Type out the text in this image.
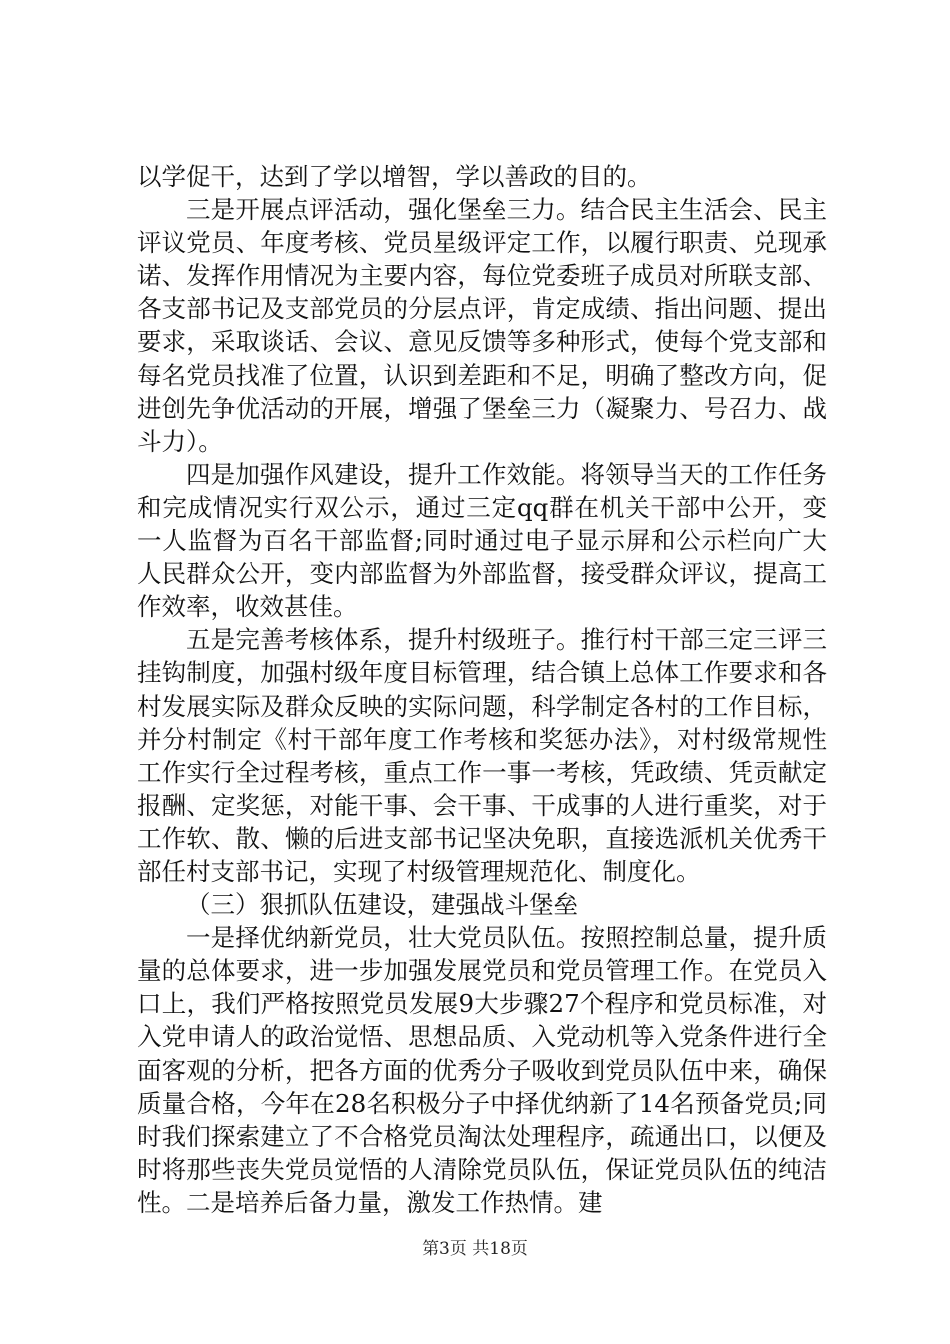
以学促干，达到了学以增智，学以善政的目的。

三是开展点评活动，强化堡垒三力。结合民主生活会、民主评议党员、年度考核、党员星级评定工作，以履行职责、兑现承诺、发挥作用情况为主要内容，每位党委班子成员对所联支部、各支部书记及支部党员的分层点评，肯定成绩、指出问题、提出要求，采取谈话、会议、意见反馈等多种形式，使每个党支部和每名党员找准了位置，认识到差距和不足，明确了整改方向，促进创先争优活动的开展，增强了堡垒三力（凝聚力、号召力、战斗力）。

四是加强作风建设，提升工作效能。将领导当天的工作任务和完成情况实行双公示，通过三定qq群在机关干部中公开，变一人监督为百名干部监督;同时通过电子显示屏和公示栏向广大人民群众公开，变内部监督为外部监督，接受群众评议，提高工作效率，收效甚佳。

五是完善考核体系，提升村级班子。推行村干部三定三评三挂钩制度，加强村级年度目标管理，结合镇上总体工作要求和各村发展实际及群众反映的实际问题，科学制定各村的工作目标，并分村制定《村干部年度工作考核和奖惩办法》，对村级常规性工作实行全过程考核，重点工作一事一考核，凭政绩、凭贡献定报酬、定奖惩，对能干事、会干事、干成事的人进行重奖，对于工作软、散、懒的后进支部书记坚决免职，直接选派机关优秀干部任村支部书记，实现了村级管理规范化、制度化。

（三）狠抓队伍建设，建强战斗堡垒

一是择优纳新党员，壮大党员队伍。按照控制总量，提升质量的总体要求，进一步加强发展党员和党员管理工作。在党员入口上，我们严格按照党员发展9大步骤27个程序和党员标准，对入党申请人的政治觉悟、思想品质、入党动机等入党条件进行全面客观的分析，把各方面的优秀分子吸收到党员队伍中来，确保质量合格，今年在28名积极分子中择优纳新了14名预备党员;同时我们探索建立了不合格党员淘汰处理程序，疏通出口，以便及时将那些丧失党员觉悟的人清除党员队伍，保证党员队伍的纯洁性。二是培养后备力量，激发工作热情。建

第3页 共18页
